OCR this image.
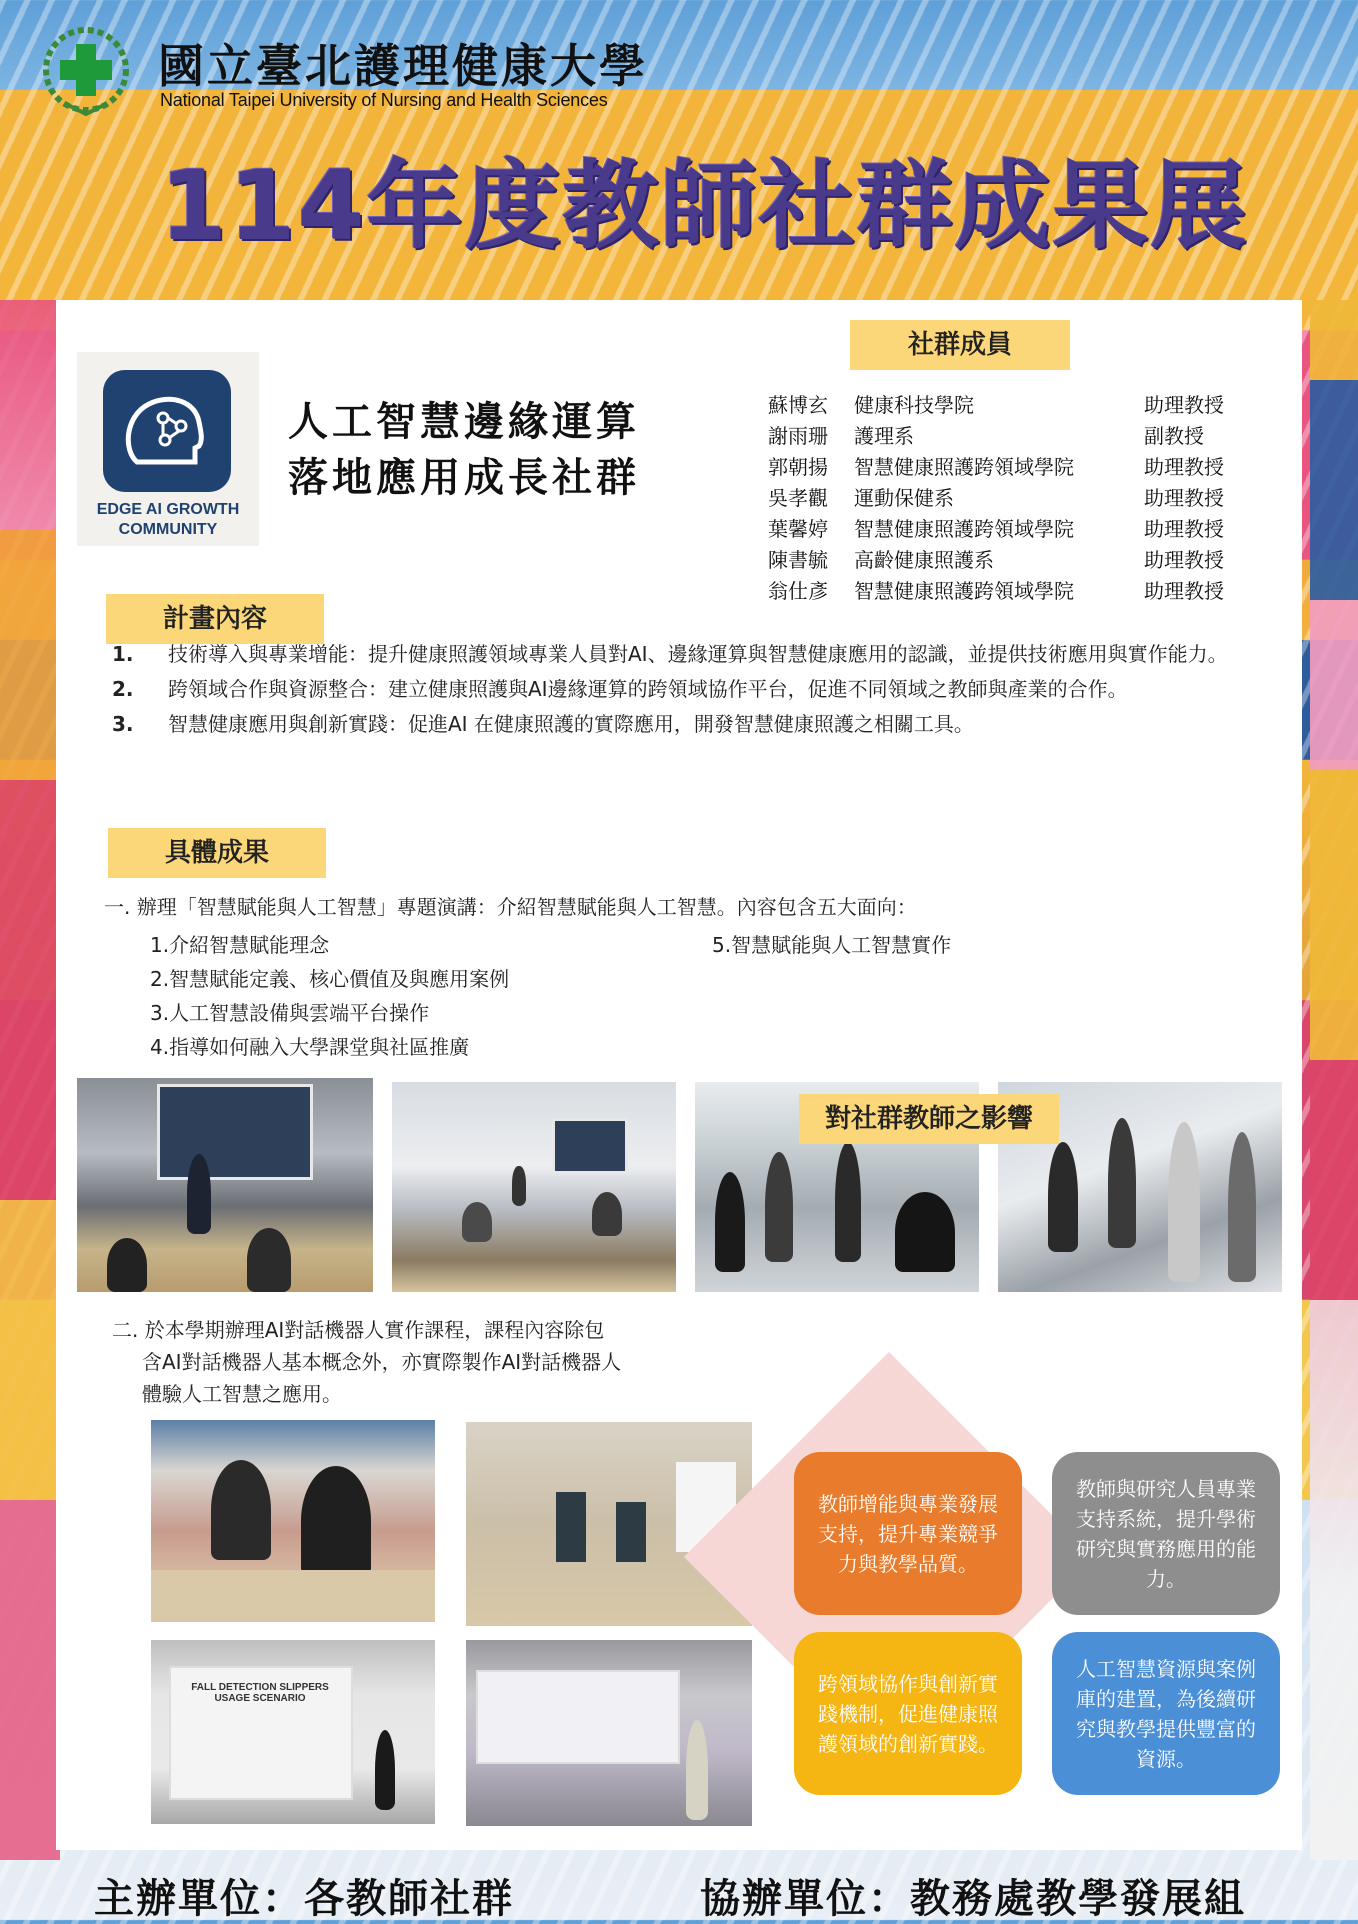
國立臺北護理健康大學
National Taipei University of Nursing and Health Sciences
114年度教師社群成果展
EDGE AI GROWTH
COMMUNITY
人工智慧邊緣運算
落地應用成長社群
社群成員
蘇博玄 健康科技學院	助理教授
謝雨珊 護理系	副教授
郭朝揚 智慧健康照護跨領域學院	助理教授
吳孝觀 運動保健系	助理教授
葉馨婷 智慧健康照護跨領域學院	助理教授
陳書毓 高齡健康照護系	助理教授
翁仕彥 智慧健康照護跨領域學院	助理教授
計畫內容
1. 技術導入與專業增能：提升健康照護領域專業人員對AI、邊緣運算與智慧健康應用的認識，並提供技術應用與實作能力。
2. 跨領域合作與資源整合：建立健康照護與AI邊緣運算的跨領域協作平台，促進不同領域之教師與產業的合作。
3. 智慧健康應用與創新實踐：促進AI 在健康照護的實際應用，開發智慧健康照護之相關工具。
具體成果
一. 辦理「智慧賦能與人工智慧」專題演講：介紹智慧賦能與人工智慧。內容包含五大面向：
1.介紹智慧賦能理念
2.智慧賦能定義、核心價值及與應用案例
3.人工智慧設備與雲端平台操作
4.指導如何融入大學課堂與社區推廣
5.智慧賦能與人工智慧實作
二. 於本學期辦理AI對話機器人實作課程，課程內容除包
含AI對話機器人基本概念外，亦實際製作AI對話機器人
體驗人工智慧之應用。
FALL DETECTION SLIPPERS USAGE SCENARIO
對社群教師之影響
教師增能與專業發展支持，提升專業競爭力與教學品質。
教師與研究人員專業支持系統，提升學術研究與實務應用的能力。
跨領域協作與創新實踐機制，促進健康照護領域的創新實踐。
人工智慧資源與案例庫的建置，為後續研究與教學提供豐富的資源。
主辦單位：各教師社群	協辦單位：教務處教學發展組
